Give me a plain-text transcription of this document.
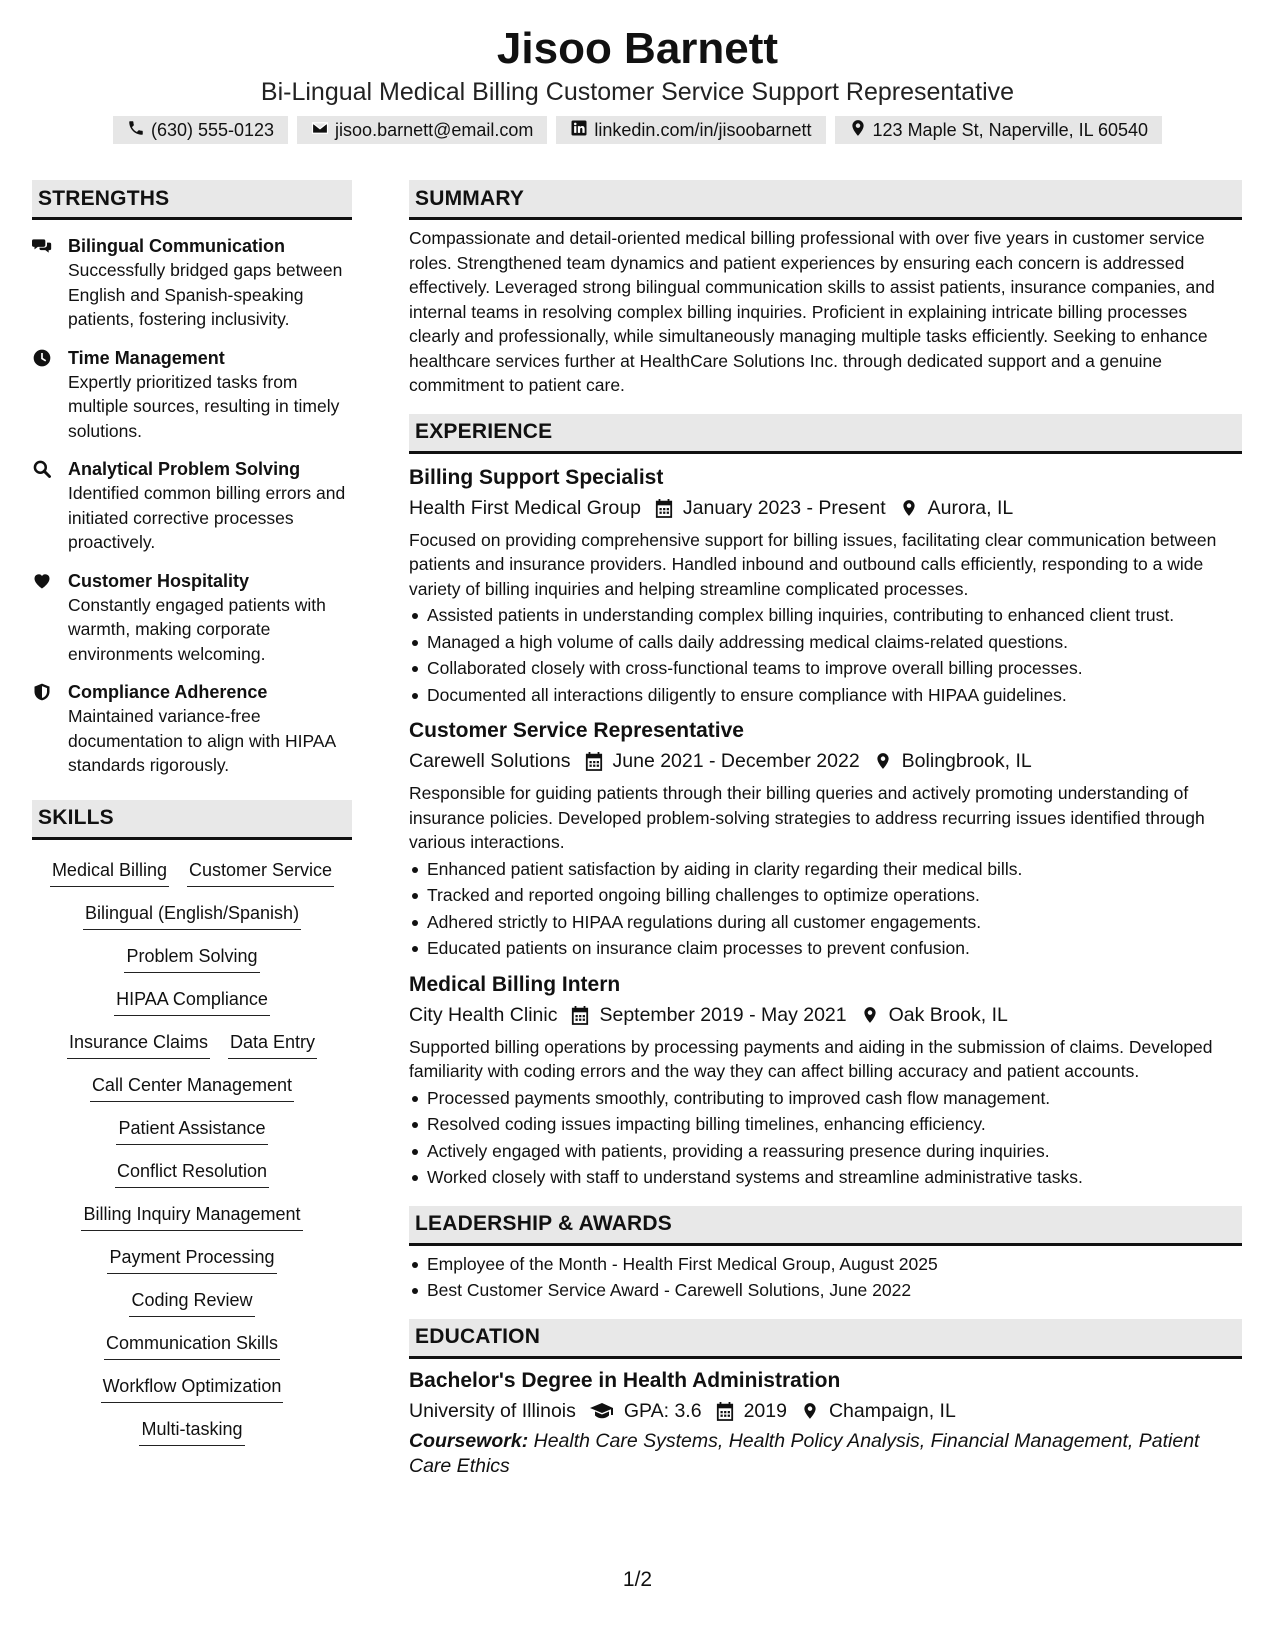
Jisoo Barnett
Bi-Lingual Medical Billing Customer Service Support Representative
(630) 555-0123	jisoo.barnett@email.com	linkedin.com/in/jisoobarnett	123 Maple St, Naperville, IL 60540
STRENGTHS
Bilingual Communication
Successfully bridged gaps between English and Spanish-speaking patients, fostering inclusivity.
Time Management
Expertly prioritized tasks from multiple sources, resulting in timely solutions.
Analytical Problem Solving
Identified common billing errors and initiated corrective processes proactively.
Customer Hospitality
Constantly engaged patients with warmth, making corporate environments welcoming.
Compliance Adherence
Maintained variance-free documentation to align with HIPAA standards rigorously.
SKILLS
Medical Billing Customer Service
Bilingual (English/Spanish)
Problem Solving
HIPAA Compliance
Insurance Claims Data Entry
Call Center Management
Patient Assistance
Conflict Resolution
Billing Inquiry Management
Payment Processing
Coding Review
Communication Skills
Workflow Optimization
Multi-tasking
SUMMARY
Compassionate and detail-oriented medical billing professional with over five years in customer service roles. Strengthened team dynamics and patient experiences by ensuring each concern is addressed effectively. Leveraged strong bilingual communication skills to assist patients, insurance companies, and internal teams in resolving complex billing inquiries. Proficient in explaining intricate billing processes clearly and professionally, while simultaneously managing multiple tasks efficiently. Seeking to enhance healthcare services further at HealthCare Solutions Inc. through dedicated support and a genuine commitment to patient care.
EXPERIENCE
Billing Support Specialist
Health First Medical Group January 2023 - Present Aurora, IL
Focused on providing comprehensive support for billing issues, facilitating clear communication between patients and insurance providers. Handled inbound and outbound calls efficiently, responding to a wide variety of billing inquiries and helping streamline complicated processes.
Assisted patients in understanding complex billing inquiries, contributing to enhanced client trust.
Managed a high volume of calls daily addressing medical claims-related questions.
Collaborated closely with cross-functional teams to improve overall billing processes.
Documented all interactions diligently to ensure compliance with HIPAA guidelines.
Customer Service Representative
Carewell Solutions June 2021 - December 2022 Bolingbrook, IL
Responsible for guiding patients through their billing queries and actively promoting understanding of insurance policies. Developed problem-solving strategies to address recurring issues identified through various interactions.
Enhanced patient satisfaction by aiding in clarity regarding their medical bills.
Tracked and reported ongoing billing challenges to optimize operations.
Adhered strictly to HIPAA regulations during all customer engagements.
Educated patients on insurance claim processes to prevent confusion.
Medical Billing Intern
City Health Clinic September 2019 - May 2021 Oak Brook, IL
Supported billing operations by processing payments and aiding in the submission of claims. Developed familiarity with coding errors and the way they can affect billing accuracy and patient accounts.
Processed payments smoothly, contributing to improved cash flow management.
Resolved coding issues impacting billing timelines, enhancing efficiency.
Actively engaged with patients, providing a reassuring presence during inquiries.
Worked closely with staff to understand systems and streamline administrative tasks.
LEADERSHIP & AWARDS
Employee of the Month - Health First Medical Group, August 2025
Best Customer Service Award - Carewell Solutions, June 2022
EDUCATION
Bachelor's Degree in Health Administration
University of Illinois GPA: 3.6 2019 Champaign, IL
Coursework: Health Care Systems, Health Policy Analysis, Financial Management, Patient Care Ethics
1/2
